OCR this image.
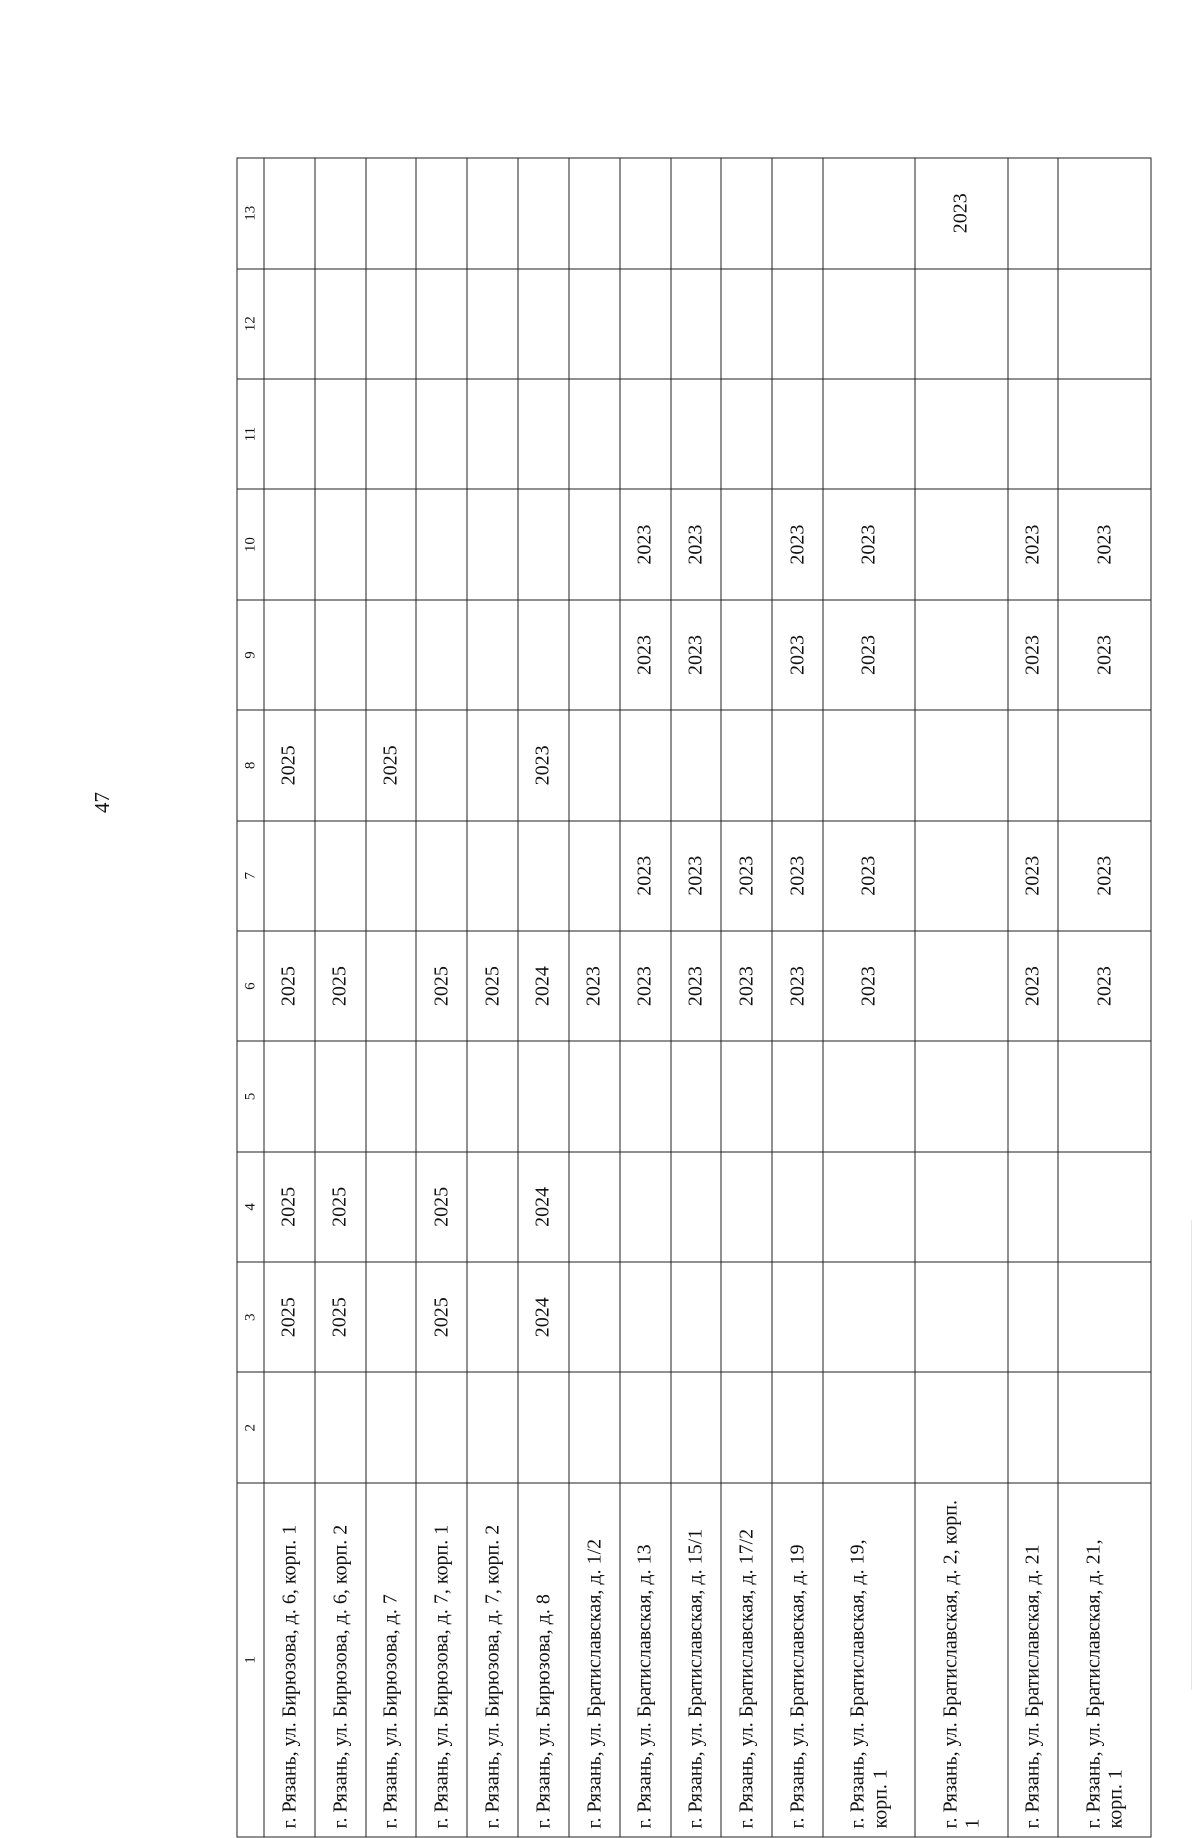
47
1	2	3	4	5	6	7	8	9	10	11	12	13
г. Рязань, ул. Бирюзова, д. 6, корп. 1		2025	2025		2025		2025					
г. Рязань, ул. Бирюзова, д. 6, корп. 2		2025	2025		2025							
г. Рязань, ул. Бирюзова, д. 7							2025					
г. Рязань, ул. Бирюзова, д. 7, корп. 1		2025	2025		2025							
г. Рязань, ул. Бирюзова, д. 7, корп. 2					2025							
г. Рязань, ул. Бирюзова, д. 8		2024	2024		2024		2023					
г. Рязань, ул. Братиславская, д. 1/2					2023							
г. Рязань, ул. Братиславская, д. 13					2023	2023		2023	2023			
г. Рязань, ул. Братиславская, д. 15/1					2023	2023		2023	2023			
г. Рязань, ул. Братиславская, д. 17/2					2023	2023						
г. Рязань, ул. Братиславская, д. 19					2023	2023		2023	2023			
г. Рязань, ул. Братиславская, д. 19, корп. 1					2023	2023		2023	2023			
г. Рязань, ул. Братиславская, д. 2, корп. 1												2023
г. Рязань, ул. Братиславская, д. 21					2023	2023		2023	2023			
г. Рязань, ул. Братиславская, д. 21, корп. 1					2023	2023		2023	2023			
